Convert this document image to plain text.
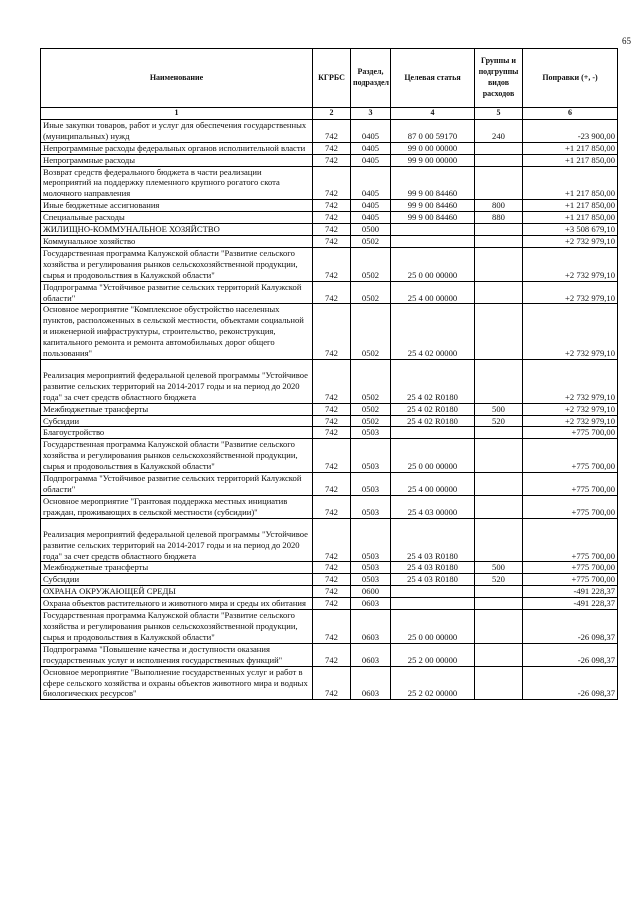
65
Наименование	КГРБС	Раздел, подраздел	Целевая статья	Группы и подгруппы видов расходов	Поправки (+, -)
1	2	3	4	5	6
Иные закупки товаров, работ и услуг для обеспечения государственных (муниципальных) нужд	742	0405	87 0 00 59170	240	-23 900,00
Непрограммные расходы федеральных органов исполнительной власти	742	0405	99 0 00 00000		+1 217 850,00
Непрограммные расходы	742	0405	99 9 00 00000		+1 217 850,00
Возврат средств федерального бюджета в части реализации мероприятий на поддержку племенного крупного рогатого скота молочного направления	742	0405	99 9 00 84460		+1 217 850,00
Иные бюджетные ассигнования	742	0405	99 9 00 84460	800	+1 217 850,00
Специальные расходы	742	0405	99 9 00 84460	880	+1 217 850,00
ЖИЛИЩНО-КОММУНАЛЬНОЕ ХОЗЯЙСТВО	742	0500			+3 508 679,10
Коммунальное хозяйство	742	0502			+2 732 979,10
Государственная программа Калужской области "Развитие сельского хозяйства и регулирования рынков сельскохозяйственной продукции, сырья и продовольствия в Калужской области"	742	0502	25 0 00 00000		+2 732 979,10
Подпрограмма "Устойчивое развитие сельских территорий Калужской области"	742	0502	25 4 00 00000		+2 732 979,10
Основное мероприятие "Комплексное обустройство населенных пунктов, расположенных в сельской местности, объектами социальной и инженерной инфраструктуры, строительство, реконструкция, капитального ремонта и ремонта автомобильных дорог общего пользования"	742	0502	25 4 02 00000		+2 732 979,10
Реализация мероприятий федеральной целевой программы "Устойчивое развитие сельских территорий на 2014-2017 годы и на период до 2020 года" за счет средств областного бюджета	742	0502	25 4 02 R0180		+2 732 979,10
Межбюджетные трансферты	742	0502	25 4 02 R0180	500	+2 732 979,10
Субсидии	742	0502	25 4 02 R0180	520	+2 732 979,10
Благоустройство	742	0503			+775 700,00
Государственная программа Калужской области "Развитие сельского хозяйства и регулирования рынков сельскохозяйственной продукции, сырья и продовольствия в Калужской области"	742	0503	25 0 00 00000		+775 700,00
Подпрограмма "Устойчивое развитие сельских территорий Калужской области"	742	0503	25 4 00 00000		+775 700,00
Основное мероприятие "Грантовая поддержка местных инициатив граждан, проживающих в сельской местности (субсидии)"	742	0503	25 4 03 00000		+775 700,00
Реализация мероприятий федеральной целевой программы "Устойчивое развитие сельских территорий на 2014-2017 годы и на период до 2020 года" за счет средств областного бюджета	742	0503	25 4 03 R0180		+775 700,00
Межбюджетные трансферты	742	0503	25 4 03 R0180	500	+775 700,00
Субсидии	742	0503	25 4 03 R0180	520	+775 700,00
ОХРАНА ОКРУЖАЮЩЕЙ СРЕДЫ	742	0600			-491 228,37
Охрана объектов растительного и животного мира и среды их обитания	742	0603			-491 228,37
Государственная программа Калужской области "Развитие сельского хозяйства и регулирования рынков сельскохозяйственной продукции, сырья и продовольствия в Калужской области"	742	0603	25 0 00 00000		-26 098,37
Подпрограмма "Повышение качества и доступности оказания государственных услуг и исполнения государственных функций"	742	0603	25 2 00 00000		-26 098,37
Основное мероприятие "Выполнение государственных услуг и работ в сфере сельского хозяйства и охраны объектов животного мира и водных биологических ресурсов"	742	0603	25 2 02 00000		-26 098,37
